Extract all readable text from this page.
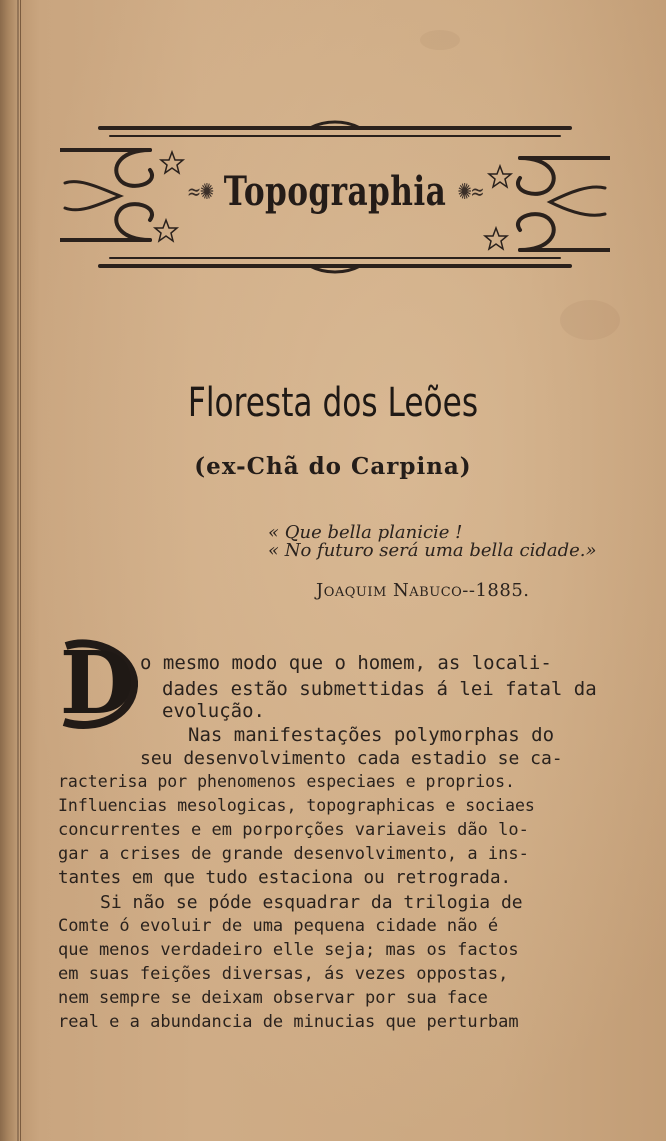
≈✺ Topographia ✺≈
Floresta dos Leões
(ex-Chã do Carpina)
« Que bella planicie !
« No futuro será uma bella cidade.»
Joaquim Nabuco--1885.
D o mesmo modo que o homem, as locali-
dades estão submettidas á lei fatal da
evolução.
Nas manifestações polymorphas do
seu desenvolvimento cada estadio se ca-
racterisa por phenomenos especiaes e proprios.
Influencias mesologicas, topographicas e sociaes
concurrentes e em porporções variaveis dão lo-
gar a crises de grande desenvolvimento, a ins-
tantes em que tudo estaciona ou retrograda.
Si não se póde esquadrar da trilogia de
Comte ó evoluir de uma pequena cidade não é
que menos verdadeiro elle seja; mas os factos
em suas feições diversas, ás vezes oppostas,
nem sempre se deixam observar por sua face
real e a abundancia de minucias que perturbam
